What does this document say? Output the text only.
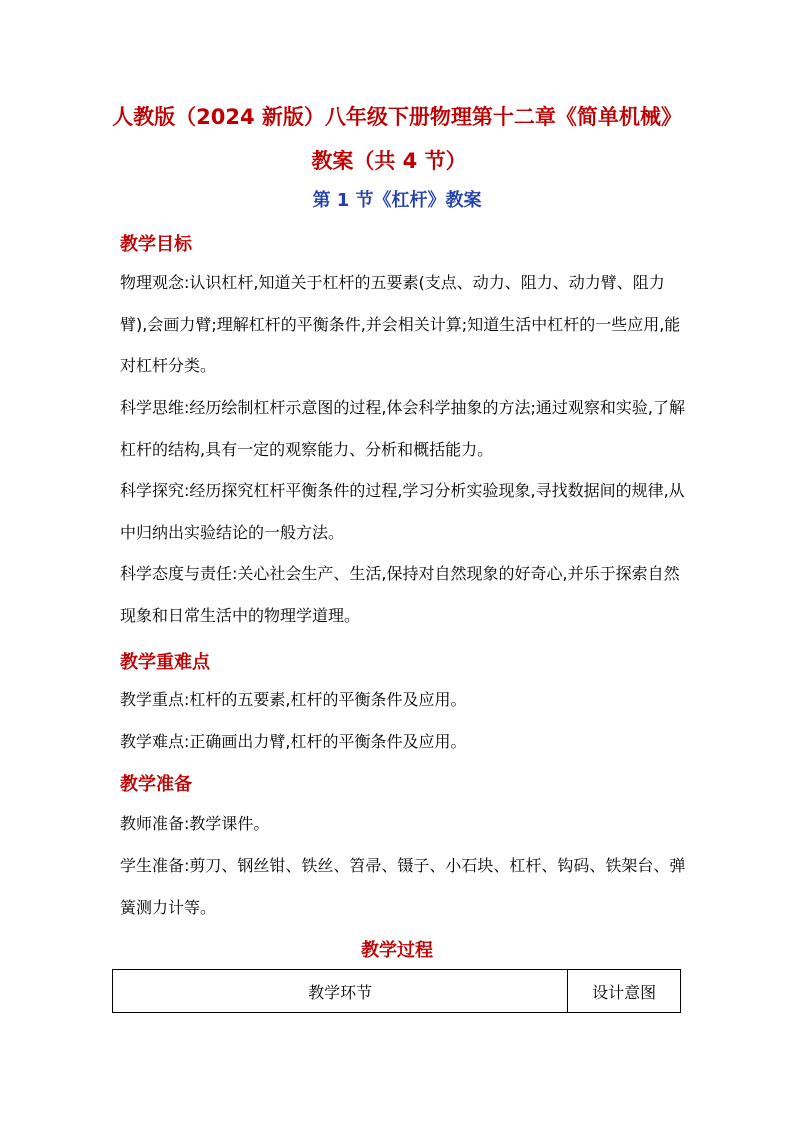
人教版（2024 新版）八年级下册物理第十二章《简单机械》
教案（共 4 节）
第 1 节《杠杆》教案
教学目标
物理观念:认识杠杆,知道关于杠杆的五要素(支点、动力、阻力、动力臂、阻力臂),会画力臂;理解杠杆的平衡条件,并会相关计算;知道生活中杠杆的一些应用,能对杠杆分类。
科学思维:经历绘制杠杆示意图的过程,体会科学抽象的方法;通过观察和实验,了解杠杆的结构,具有一定的观察能力、分析和概括能力。
科学探究:经历探究杠杆平衡条件的过程,学习分析实验现象,寻找数据间的规律,从中归纳出实验结论的一般方法。
科学态度与责任:关心社会生产、生活,保持对自然现象的好奇心,并乐于探索自然现象和日常生活中的物理学道理。
教学重难点
教学重点:杠杆的五要素,杠杆的平衡条件及应用。
教学难点:正确画出力臂,杠杆的平衡条件及应用。
教学准备
教师准备:教学课件。
学生准备:剪刀、钢丝钳、铁丝、笤帚、镊子、小石块、杠杆、钩码、铁架台、弹簧测力计等。
教学过程
教学环节	设计意图
